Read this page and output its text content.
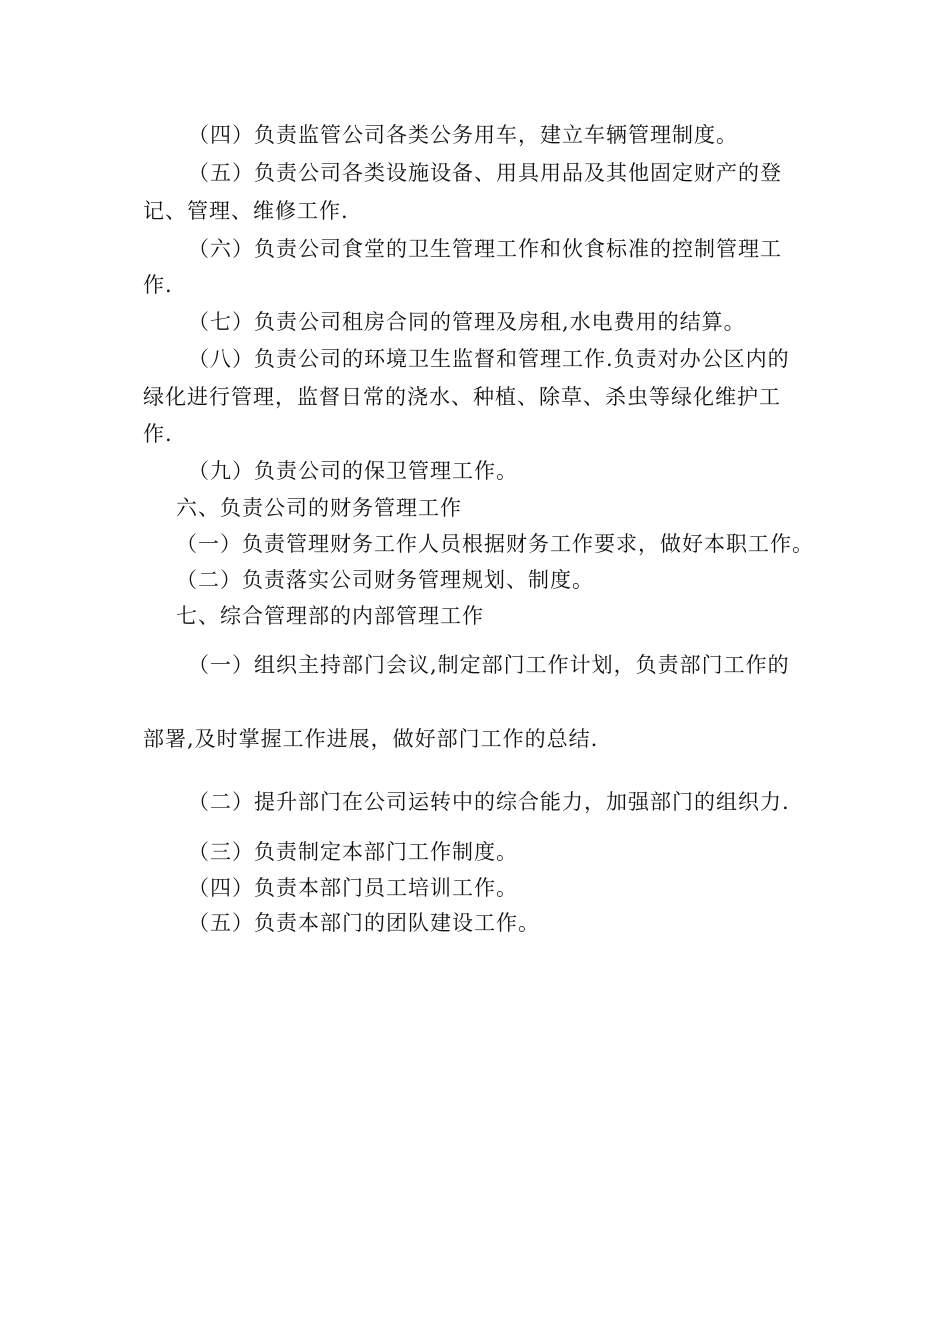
（四）负责监管公司各类公务用车，建立车辆管理制度。
（五）负责公司各类设施设备、用具用品及其他固定财产的登
记、管理、维修工作.
（六）负责公司食堂的卫生管理工作和伙食标准的控制管理工
作.
（七）负责公司租房合同的管理及房租,水电费用的结算。
（八）负责公司的环境卫生监督和管理工作.负责对办公区内的
绿化进行管理，监督日常的浇水、种植、除草、杀虫等绿化维护工
作.
（九）负责公司的保卫管理工作。
六、负责公司的财务管理工作
（一）负责管理财务工作人员根据财务工作要求，做好本职工作。
（二）负责落实公司财务管理规划、制度。
七、综合管理部的内部管理工作
（一）组织主持部门会议,制定部门工作计划，负责部门工作的
部署,及时掌握工作进展，做好部门工作的总结.
（二）提升部门在公司运转中的综合能力，加强部门的组织力.
（三）负责制定本部门工作制度。
（四）负责本部门员工培训工作。
（五）负责本部门的团队建设工作。
